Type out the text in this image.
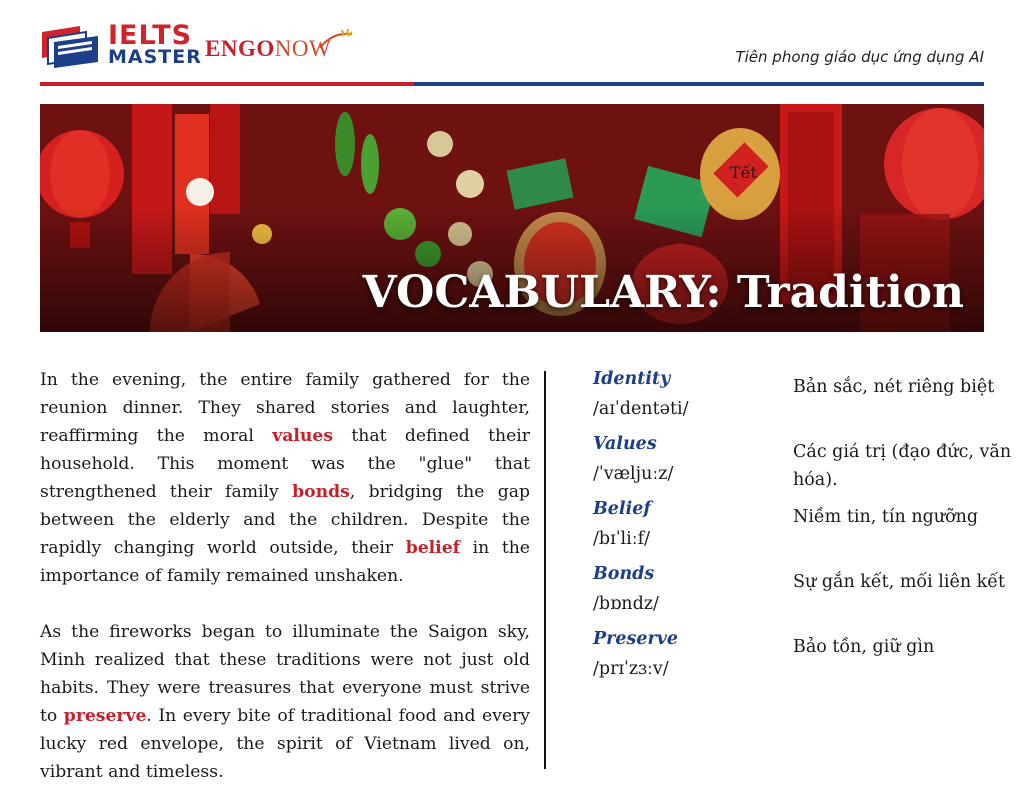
IELTS
MASTER ENGONOW	Tiên phong giáo dục ứng dụng AI
VOCABULARY: Tradition

In the evening, the entire family gathered for the reunion dinner. They shared stories and laughter, reaffirming the moral values that defined their household. This moment was the "glue" that strengthened their family bonds, bridging the gap between the elderly and the children. Despite the rapidly changing world outside, their belief in the importance of family remained unshaken.

As the fireworks began to illuminate the Saigon sky, Minh realized that these traditions were not just old habits. They were treasures that everyone must strive to preserve. In every bite of traditional food and every lucky red envelope, the spirit of Vietnam lived on, vibrant and timeless.

Identity
/aɪˈdentəti/
Bản sắc, nét riêng biệt
Values
/ˈvæljuːz/
Các giá trị (đạo đức, văn hóa).
Belief
/bɪˈliːf/
Niềm tin, tín ngưỡng
Bonds
/bɒndz/
Sự gắn kết, mối liên kết
Preserve
/prɪˈzɜːv/
Bảo tồn, giữ gìn
